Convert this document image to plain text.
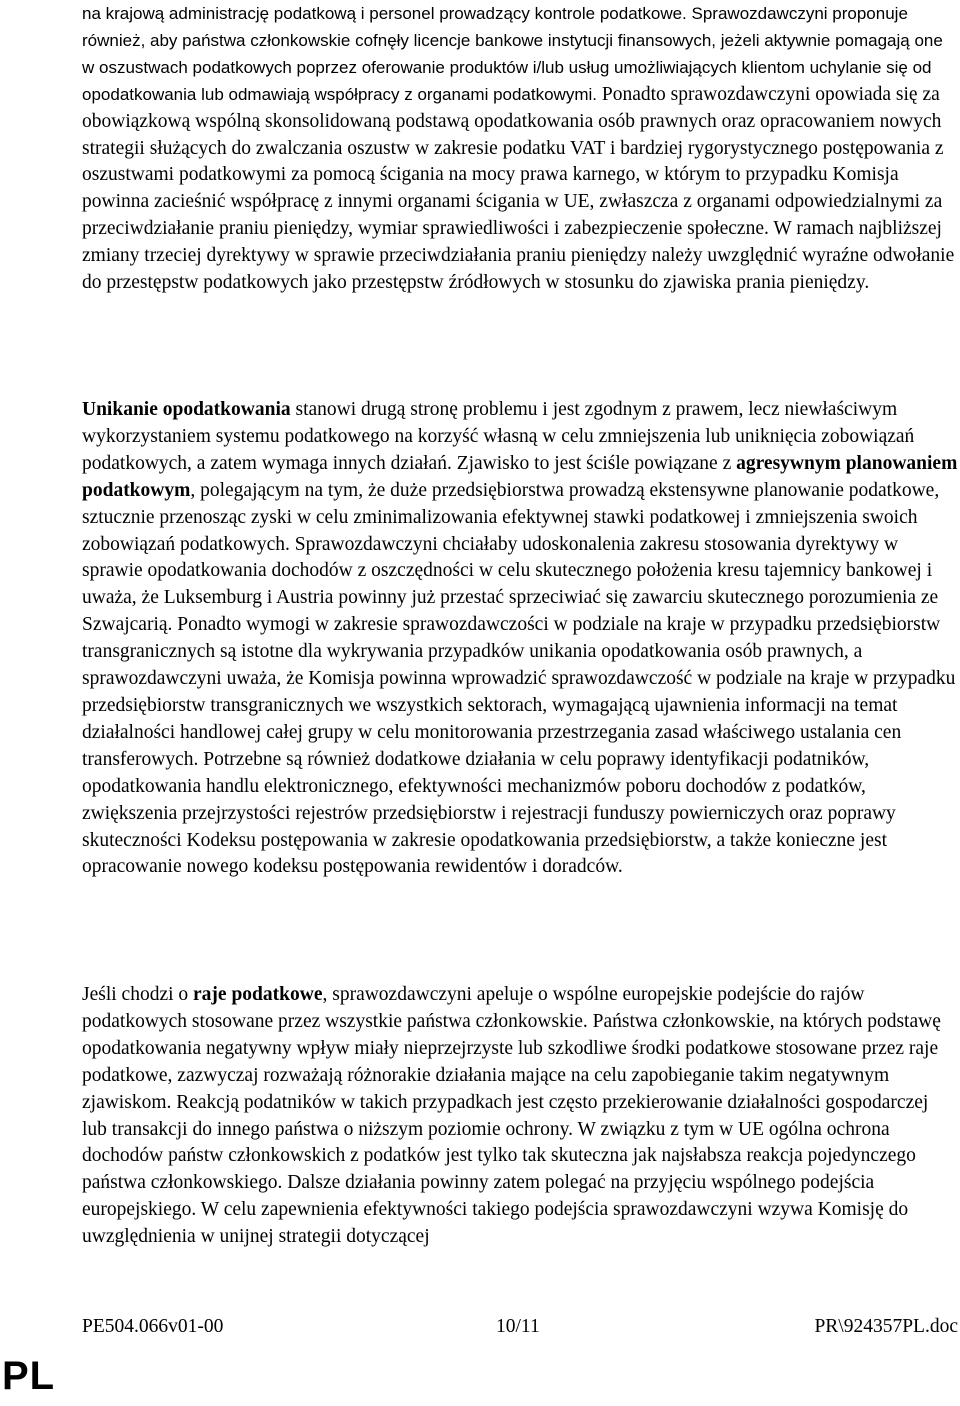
na krajową administrację podatkową i personel prowadzący kontrole podatkowe. Sprawozdawczyni proponuje również, aby państwa członkowskie cofnęły licencje bankowe instytucji finansowych, jeżeli aktywnie pomagają one w oszustwach podatkowych poprzez oferowanie produktów i/lub usług umożliwiających klientom uchylanie się od opodatkowania lub odmawiają współpracy z organami podatkowymi. Ponadto sprawozdawczyni opowiada się za obowiązkową wspólną skonsolidowaną podstawą opodatkowania osób prawnych oraz opracowaniem nowych strategii służących do zwalczania oszustw w zakresie podatku VAT i bardziej rygorystycznego postępowania z oszustwami podatkowymi za pomocą ścigania na mocy prawa karnego, w którym to przypadku Komisja powinna zacieśnić współpracę z innymi organami ścigania w UE, zwłaszcza z organami odpowiedzialnymi za przeciwdziałanie praniu pieniędzy, wymiar sprawiedliwości i zabezpieczenie społeczne. W ramach najbliższej zmiany trzeciej dyrektywy w sprawie przeciwdziałania praniu pieniędzy należy uwzględnić wyraźne odwołanie do przestępstw podatkowych jako przestępstw źródłowych w stosunku do zjawiska prania pieniędzy.

Unikanie opodatkowania stanowi drugą stronę problemu i jest zgodnym z prawem, lecz niewłaściwym wykorzystaniem systemu podatkowego na korzyść własną w celu zmniejszenia lub uniknięcia zobowiązań podatkowych, a zatem wymaga innych działań. Zjawisko to jest ściśle powiązane z agresywnym planowaniem podatkowym, polegającym na tym, że duże przedsiębiorstwa prowadzą ekstensywne planowanie podatkowe, sztucznie przenosząc zyski w celu zminimalizowania efektywnej stawki podatkowej i zmniejszenia swoich zobowiązań podatkowych. Sprawozdawczyni chciałaby udoskonalenia zakresu stosowania dyrektywy w sprawie opodatkowania dochodów z oszczędności w celu skutecznego położenia kresu tajemnicy bankowej i uważa, że Luksemburg i Austria powinny już przestać sprzeciwiać się zawarciu skutecznego porozumienia ze Szwajcarią. Ponadto wymogi w zakresie sprawozdawczości w podziale na kraje w przypadku przedsiębiorstw transgranicznych są istotne dla wykrywania przypadków unikania opodatkowania osób prawnych, a sprawozdawczyni uważa, że Komisja powinna wprowadzić sprawozdawczość w podziale na kraje w przypadku przedsiębiorstw transgranicznych we wszystkich sektorach, wymagającą ujawnienia informacji na temat działalności handlowej całej grupy w celu monitorowania przestrzegania zasad właściwego ustalania cen transferowych. Potrzebne są również dodatkowe działania w celu poprawy identyfikacji podatników, opodatkowania handlu elektronicznego, efektywności mechanizmów poboru dochodów z podatków, zwiększenia przejrzystości rejestrów przedsiębiorstw i rejestracji funduszy powierniczych oraz poprawy skuteczności Kodeksu postępowania w zakresie opodatkowania przedsiębiorstw, a także konieczne jest opracowanie nowego kodeksu postępowania rewidentów i doradców.

Jeśli chodzi o raje podatkowe, sprawozdawczyni apeluje o wspólne europejskie podejście do rajów podatkowych stosowane przez wszystkie państwa członkowskie. Państwa członkowskie, na których podstawę opodatkowania negatywny wpływ miały nieprzejrzyste lub szkodliwe środki podatkowe stosowane przez raje podatkowe, zazwyczaj rozważają różnorakie działania mające na celu zapobieganie takim negatywnym zjawiskom. Reakcją podatników w takich przypadkach jest często przekierowanie działalności gospodarczej lub transakcji do innego państwa o niższym poziomie ochrony. W związku z tym w UE ogólna ochrona dochodów państw członkowskich z podatków jest tylko tak skuteczna jak najsłabsza reakcja pojedynczego państwa członkowskiego. Dalsze działania powinny zatem polegać na przyjęciu wspólnego podejścia europejskiego. W celu zapewnienia efektywności takiego podejścia sprawozdawczyni wzywa Komisję do uwzględnienia w unijnej strategii dotyczącej

PE504.066v01-00	10/11	PR\924357PL.doc
PL
